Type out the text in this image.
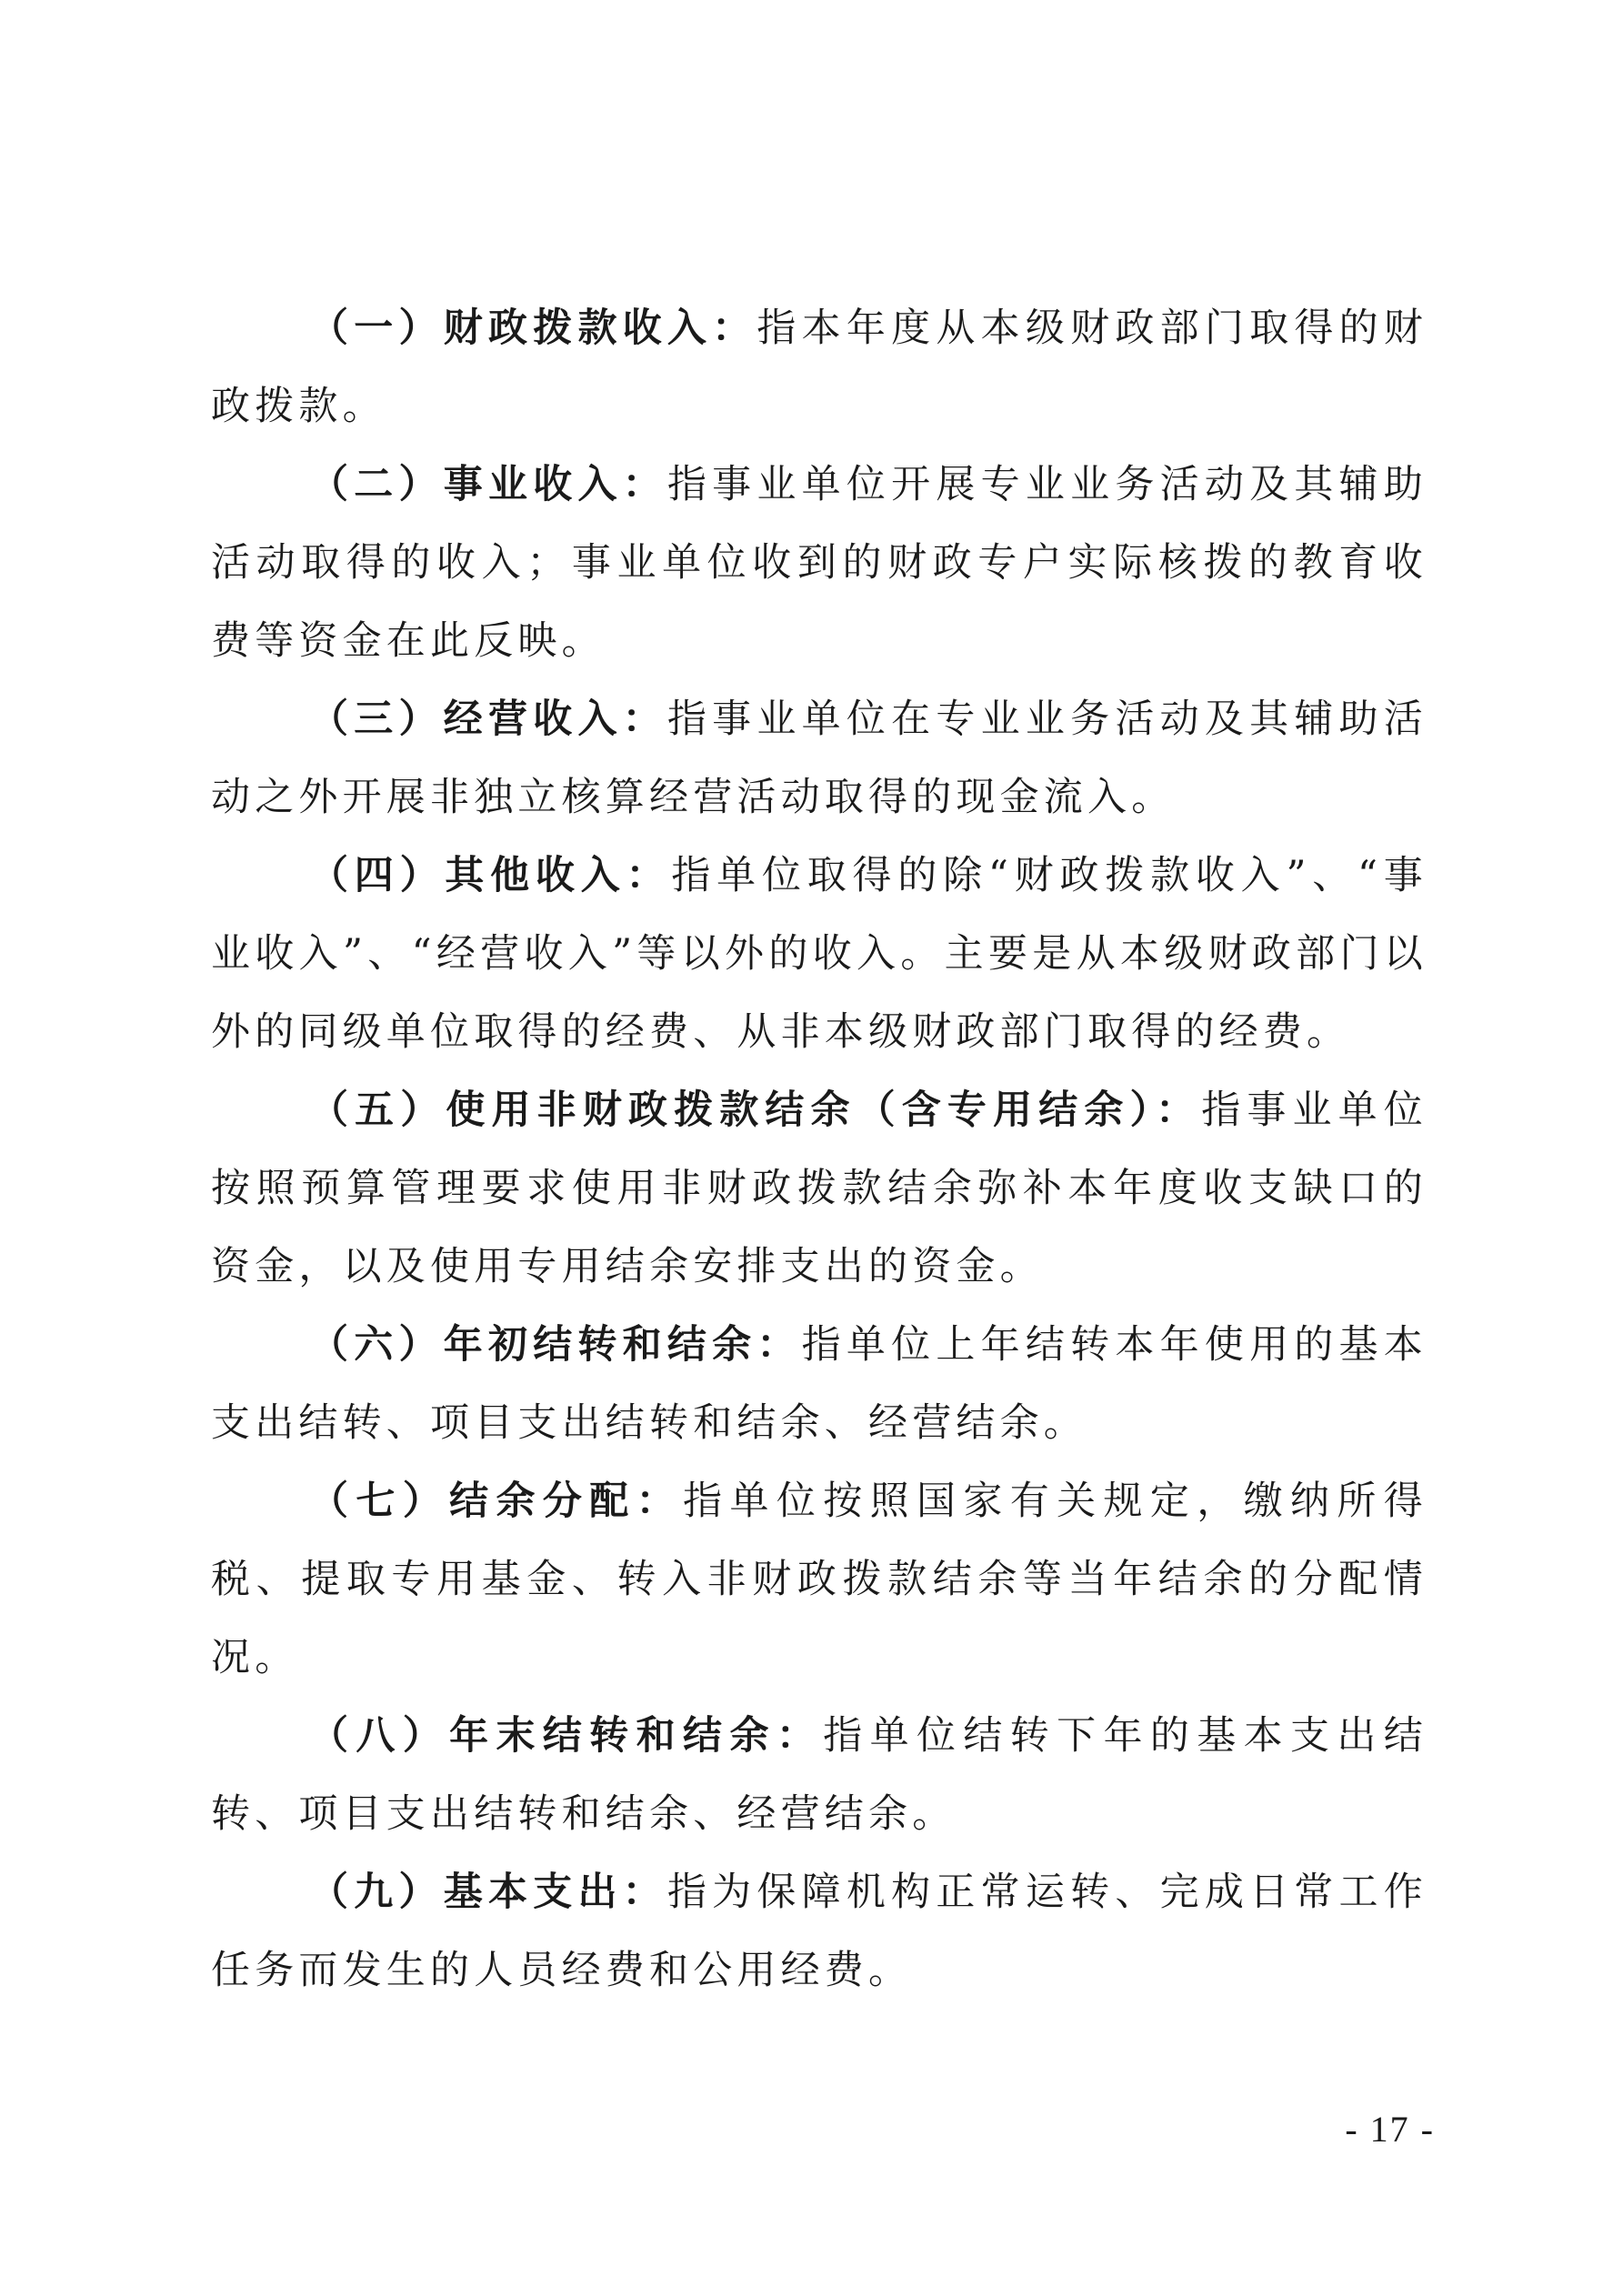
（一）财政拨款收入：指本年度从本级财政部门取得的财政拨款。

（二）事业收入：指事业单位开展专业业务活动及其辅助活动取得的收入；事业单位收到的财政专户实际核拨的教育收费等资金在此反映。

（三）经营收入：指事业单位在专业业务活动及其辅助活动之外开展非独立核算经营活动取得的现金流入。

（四）其他收入：指单位取得的除“财政拨款收入”、“事业收入”、“经营收入”等以外的收入。主要是从本级财政部门以外的同级单位取得的经费、从非本级财政部门取得的经费。

（五）使用非财政拨款结余（含专用结余）：指事业单位按照预算管理要求使用非财政拨款结余弥补本年度收支缺口的资金，以及使用专用结余安排支出的资金。

（六）年初结转和结余：指单位上年结转本年使用的基本支出结转、项目支出结转和结余、经营结余。

（七）结余分配：指单位按照国家有关规定，缴纳所得税、提取专用基金、转入非财政拨款结余等当年结余的分配情况。

（八）年末结转和结余：指单位结转下年的基本支出结转、项目支出结转和结余、经营结余。

（九）基本支出：指为保障机构正常运转、完成日常工作任务而发生的人员经费和公用经费。

- 17 -
